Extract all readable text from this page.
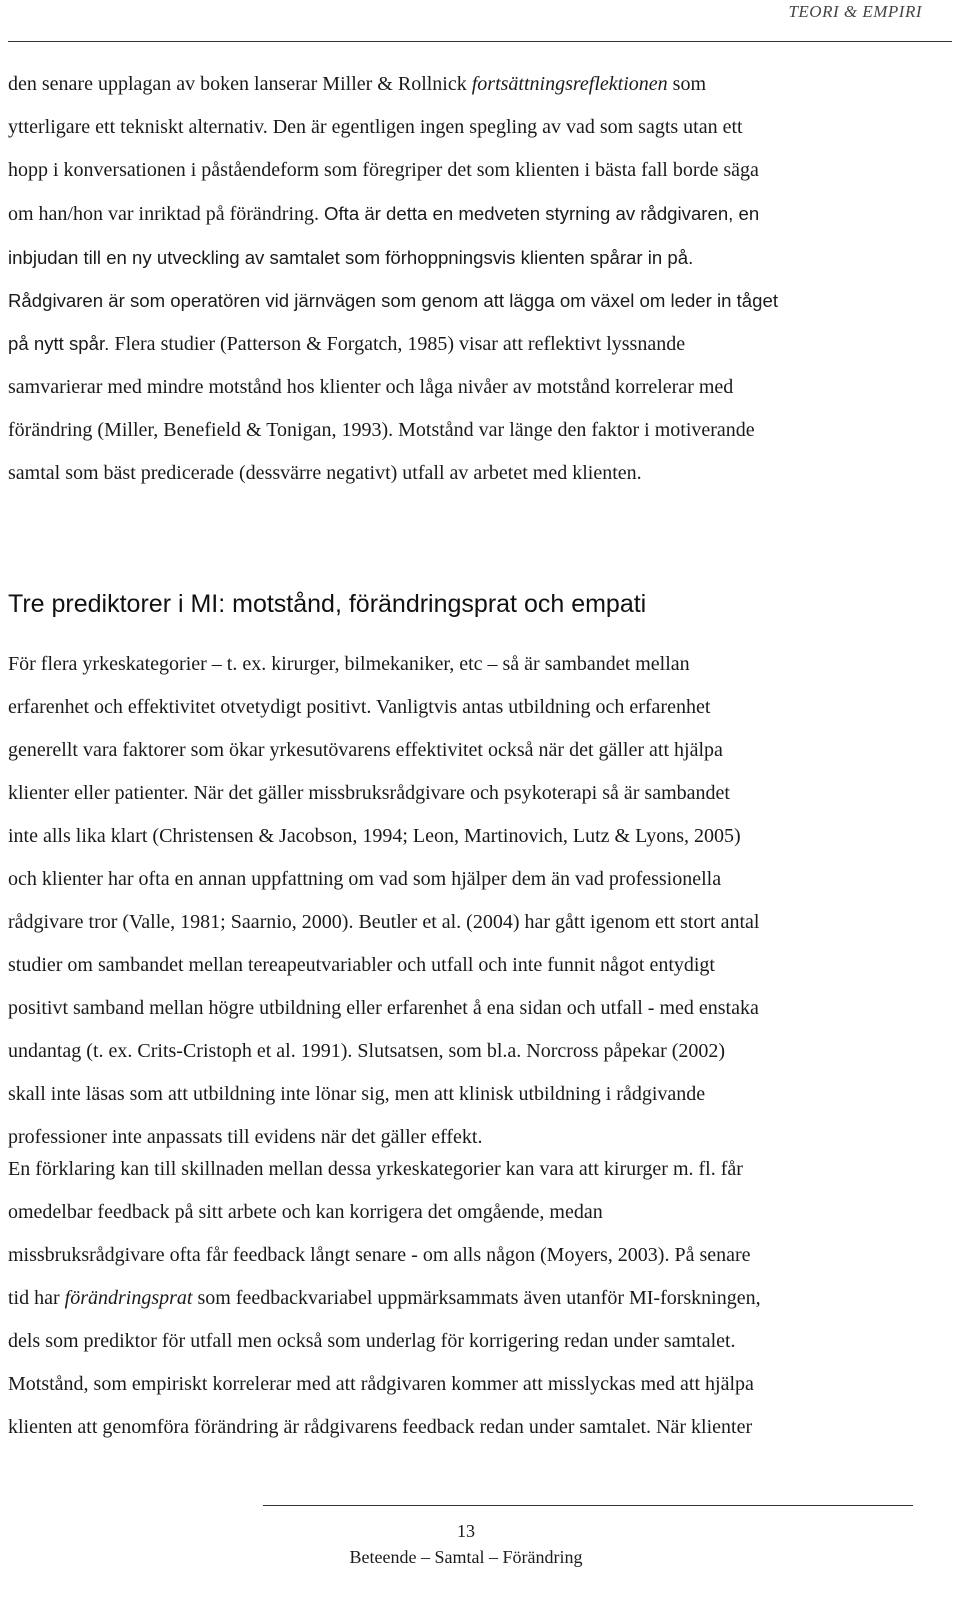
TEORI & EMPIRI

den senare upplagan av boken lanserar Miller & Rollnick fortsättningsreflektionen som
ytterligare ett tekniskt alternativ. Den är egentligen ingen spegling av vad som sagts utan ett
hopp i konversationen i påståendeform som föregriper det som klienten i bästa fall borde säga
om han/hon var inriktad på förändring. Ofta är detta en medveten styrning av rådgivaren, en
inbjudan till en ny utveckling av samtalet som förhoppningsvis klienten spårar in på.
Rådgivaren är som operatören vid järnvägen som genom att lägga om växel om leder in tåget
på nytt spår. Flera studier (Patterson & Forgatch, 1985) visar att reflektivt lyssnande
samvarierar med mindre motstånd hos klienter och låga nivåer av motstånd korrelerar med
förändring (Miller, Benefield & Tonigan, 1993). Motstånd var länge den faktor i motiverande
samtal som bäst predicerade (dessvärre negativt) utfall av arbetet med klienten.

Tre prediktorer i MI: motstånd, förändringsprat och empati

För flera yrkeskategorier – t. ex. kirurger, bilmekaniker, etc – så är sambandet mellan
erfarenhet och effektivitet otvetydigt positivt. Vanligtvis antas utbildning och erfarenhet
generellt vara faktorer som ökar yrkesutövarens effektivitet också när det gäller att hjälpa
klienter eller patienter. När det gäller missbruksrådgivare och psykoterapi så är sambandet
inte alls lika klart (Christensen & Jacobson, 1994; Leon, Martinovich, Lutz & Lyons, 2005)
och klienter har ofta en annan uppfattning om vad som hjälper dem än vad professionella
rådgivare tror (Valle, 1981; Saarnio, 2000). Beutler et al. (2004) har gått igenom ett stort antal
studier om sambandet mellan tereapeutvariabler och utfall och inte funnit något entydigt
positivt samband mellan högre utbildning eller erfarenhet å ena sidan och utfall - med enstaka
undantag (t. ex. Crits-Cristoph et al. 1991). Slutsatsen, som bl.a. Norcross påpekar (2002)
skall inte läsas som att utbildning inte lönar sig, men att klinisk utbildning i rådgivande
professioner inte anpassats till evidens när det gäller effekt.

En förklaring kan till skillnaden mellan dessa yrkeskategorier kan vara att kirurger m. fl. får
omedelbar feedback på sitt arbete och kan korrigera det omgående, medan
missbruksrådgivare ofta får feedback långt senare - om alls någon (Moyers, 2003). På senare
tid har förändringsprat som feedbackvariabel uppmärksammats även utanför MI-forskningen,
dels som prediktor för utfall men också som underlag för korrigering redan under samtalet.
Motstånd, som empiriskt korrelerar med att rådgivaren kommer att misslyckas med att hjälpa
klienten att genomföra förändring är rådgivarens feedback redan under samtalet. När klienter

13
Beteende – Samtal – Förändring
